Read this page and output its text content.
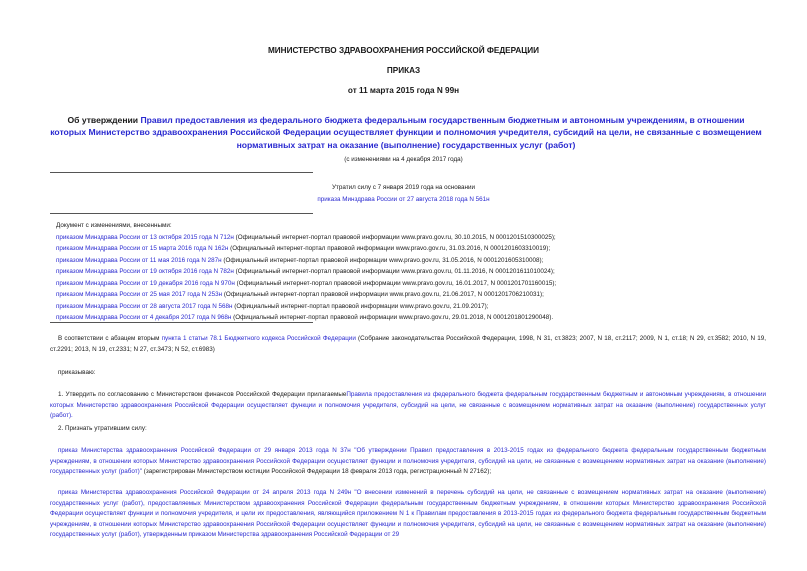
МИНИСТЕРСТВО ЗДРАВООХРАНЕНИЯ РОССИЙСКОЙ ФЕДЕРАЦИИ
ПРИКАЗ
от 11 марта 2015 года N 99н
Об утверждении Правил предоставления из федерального бюджета федеральным государственным бюджетным и автономным учреждениям, в отношении которых Министерство здравоохранения Российской Федерации осуществляет функции и полномочия учредителя, субсидий на цели, не связанные с возмещением нормативных затрат на оказание (выполнение) государственных услуг (работ)
(с изменениями на 4 декабря 2017 года)
Утратил силу с 7 января 2019 года на основании
приказа Минздрава России от 27 августа 2018 года N 561н
Документ с изменениями, внесенными:
приказом Минздрава России от 13 октября 2015 года N 712н (Официальный интернет-портал правовой информации www.pravo.gov.ru, 30.10.2015, N 0001201510300025);
приказом Минздрава России от 15 марта 2016 года N 162н (Официальный интернет-портал правовой информации www.pravo.gov.ru, 31.03.2016, N 0001201603310019);
приказом Минздрава России от 11 мая 2016 года N 287н (Официальный интернет-портал правовой информации www.pravo.gov.ru, 31.05.2016, N 0001201605310008);
приказом Минздрава России от 19 октября 2016 года N 782н (Официальный интернет-портал правовой информации www.pravo.gov.ru, 01.11.2016, N 0001201611010024);
приказом Минздрава России от 19 декабря 2016 года N 970н (Официальный интернет-портал правовой информации www.pravo.gov.ru, 16.01.2017, N 0001201701160015);
приказом Минздрава России от 25 мая 2017 года N 253н (Официальный интернет-портал правовой информации www.pravo.gov.ru, 21.06.2017, N 0001201706210031);
приказом Минздрава России от 28 августа 2017 года N 568н (Официальный интернет-портал правовой информации www.pravo.gov.ru, 21.09.2017);
приказом Минздрава России от 4 декабря 2017 года N 968н (Официальный интернет-портал правовой информации www.pravo.gov.ru, 29.01.2018, N 0001201801290048).
В соответствии с абзацем вторым пункта 1 статьи 78.1 Бюджетного кодекса Российской Федерации (Собрание законодательства Российской Федерации, 1998, N 31, ст.3823; 2007, N 18, ст.2117; 2009, N 1, ст.18; N 29, ст.3582; 2010, N 19, ст.2291; 2013, N 19, ст.2331; N 27, ст.3473; N 52, ст.6983)
приказываю:
1. Утвердить по согласованию с Министерством финансов Российской Федерации прилагаемыеПравила предоставления из федерального бюджета федеральным государственным бюджетным и автономным учреждениям, в отношении которых Министерство здравоохранения Российской Федерации осуществляет функции и полномочия учредителя, субсидий на цели, не связанные с возмещением нормативных затрат на оказание (выполнение) государственных услуг (работ).
2. Признать утратившим силу:
приказ Министерства здравоохранения Российской Федерации от 29 января 2013 года N 37н "Об утверждении Правил предоставления в 2013-2015 годах из федерального бюджета федеральным государственным бюджетным учреждениям, в отношении которых Министерство здравоохранения Российской Федерации осуществляет функции и полномочия учредителя, субсидий на цели, не связанные с возмещением нормативных затрат на оказание (выполнение) государственных услуг (работ)" (зарегистрирован Министерством юстиции Российской Федерации 18 февраля 2013 года, регистрационный N 27162);
приказ Министерства здравоохранения Российской Федерации от 24 апреля 2013 года N 249н "О внесении изменений в перечень субсидий на цели, не связанные с возмещением нормативных затрат на оказание (выполнение) государственных услуг (работ), предоставляемых Министерством здравоохранения Российской Федерации федеральным государственным бюджетным учреждениям, в отношении которых Министерство здравоохранения Российской Федерации осуществляет функции и полномочия учредителя, и цели их предоставления, являющийся приложением N 1 к Правилам предоставления в 2013-2015 годах из федерального бюджета федеральным государственным бюджетным учреждениям, в отношении которых Министерство здравоохранения Российской Федерации осуществляет функции и полномочия учредителя, субсидий на цели, не связанные с возмещением нормативных затрат на оказание (выполнение) государственных услуг (работ), утвержденным приказом Министерства здравоохранения Российской Федерации от 29
